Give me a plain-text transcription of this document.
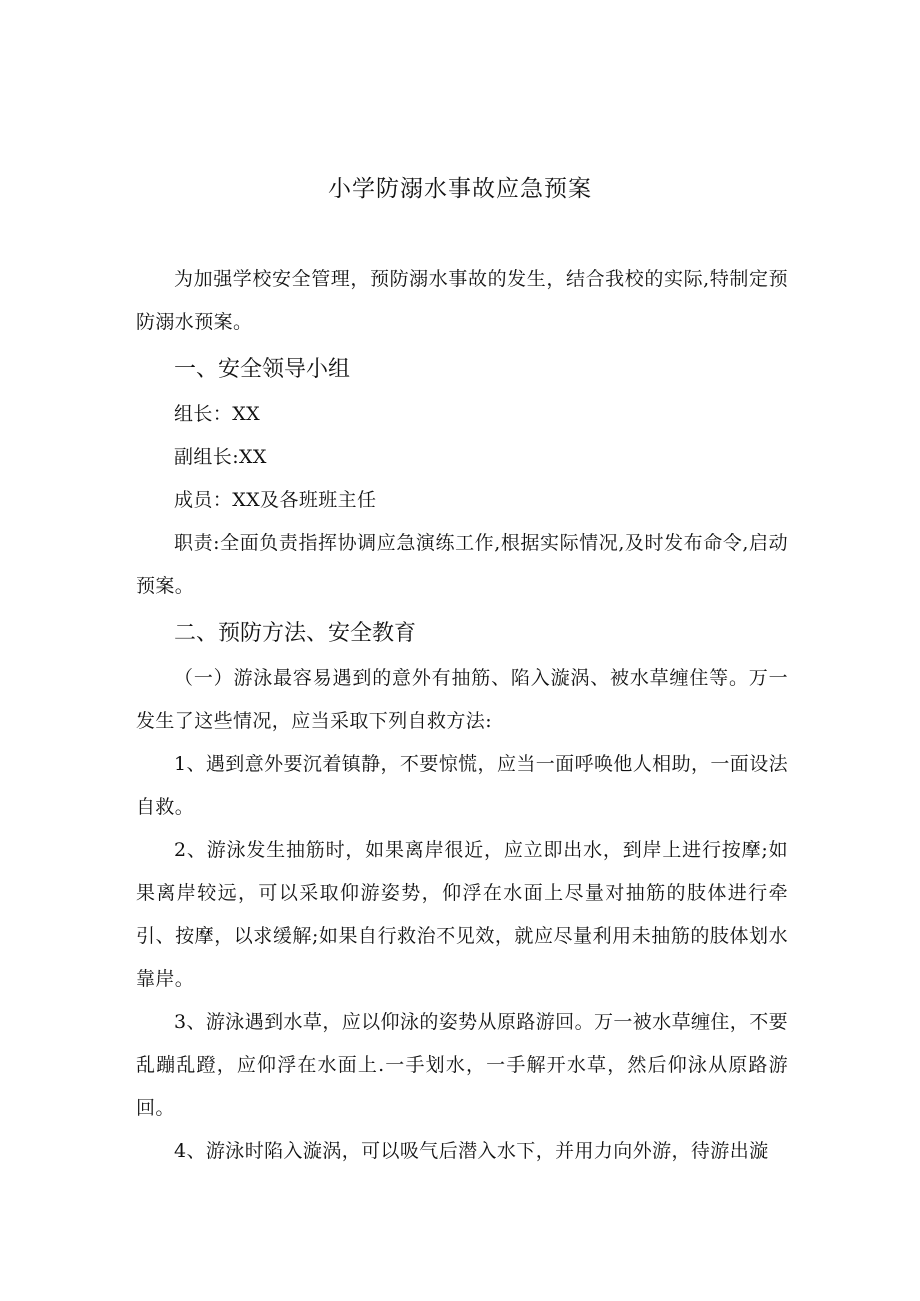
小学防溺水事故应急预案

为加强学校安全管理，预防溺水事故的发生，结合我校的实际,特制定预防溺水预案。

一、安全领导小组

组长：XX

副组长:XX

成员：XX及各班班主任

职责:全面负责指挥协调应急演练工作,根据实际情况,及时发布命令,启动预案。

二、预防方法、安全教育

（一）游泳最容易遇到的意外有抽筋、陷入漩涡、被水草缠住等。万一发生了这些情况，应当采取下列自救方法:

1、遇到意外要沉着镇静，不要惊慌，应当一面呼唤他人相助，一面设法自救。

2、游泳发生抽筋时，如果离岸很近，应立即出水，到岸上进行按摩;如果离岸较远，可以采取仰游姿势，仰浮在水面上尽量对抽筋的肢体进行牵引、按摩，以求缓解;如果自行救治不见效，就应尽量利用未抽筋的肢体划水靠岸。

3、游泳遇到水草，应以仰泳的姿势从原路游回。万一被水草缠住，不要乱蹦乱蹬，应仰浮在水面上.一手划水，一手解开水草，然后仰泳从原路游回。

4、游泳时陷入漩涡，可以吸气后潜入水下，并用力向外游，待游出漩
